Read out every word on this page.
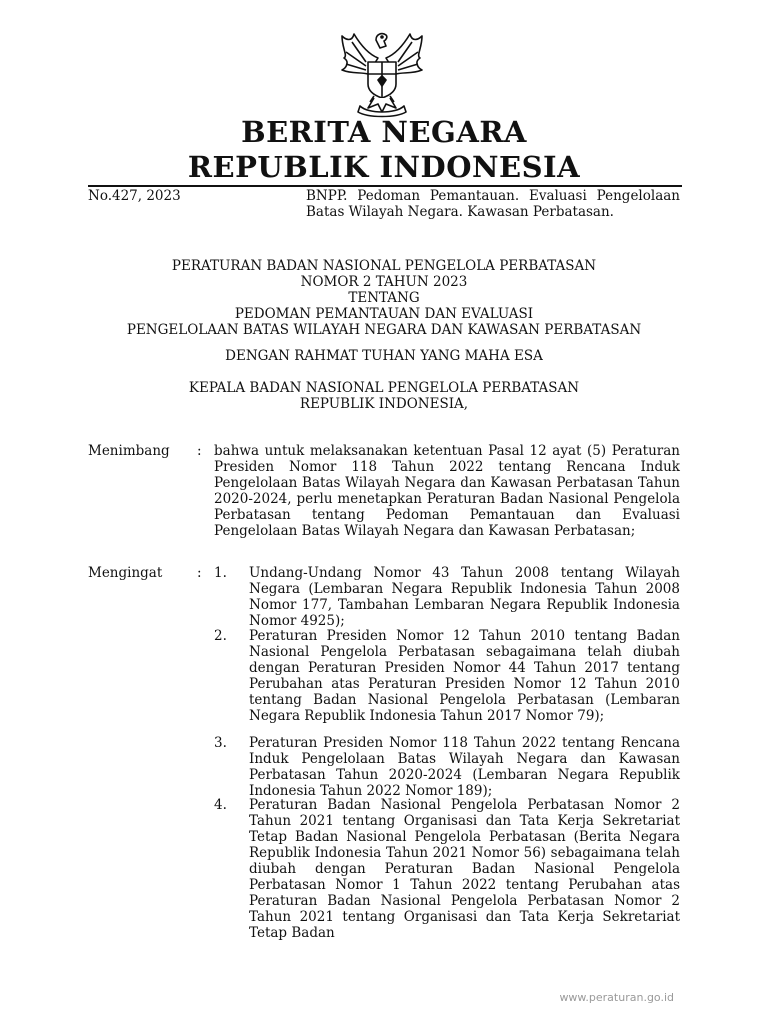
BERITA NEGARA
REPUBLIK INDONESIA
No.427, 2023	BNPP. Pedoman Pemantauan. Evaluasi Pengelolaan Batas Wilayah Negara. Kawasan Perbatasan.
PERATURAN BADAN NASIONAL PENGELOLA PERBATASAN
NOMOR 2 TAHUN 2023
TENTANG
PEDOMAN PEMANTAUAN DAN EVALUASI
PENGELOLAAN BATAS WILAYAH NEGARA DAN KAWASAN PERBATASAN
DENGAN RAHMAT TUHAN YANG MAHA ESA
KEPALA BADAN NASIONAL PENGELOLA PERBATASAN
REPUBLIK INDONESIA,
Menimbang : bahwa untuk melaksanakan ketentuan Pasal 12 ayat (5) Peraturan Presiden Nomor 118 Tahun 2022 tentang Rencana Induk Pengelolaan Batas Wilayah Negara dan Kawasan Perbatasan Tahun 2020-2024, perlu menetapkan Peraturan Badan Nasional Pengelola Perbatasan tentang Pedoman Pemantauan dan Evaluasi Pengelolaan Batas Wilayah Negara dan Kawasan Perbatasan;
Mengingat	: 1. Undang-Undang Nomor 43 Tahun 2008 tentang Wilayah Negara (Lembaran Negara Republik Indonesia Tahun 2008 Nomor 177, Tambahan Lembaran Negara Republik Indonesia Nomor 4925);
2. Peraturan Presiden Nomor 12 Tahun 2010 tentang Badan Nasional Pengelola Perbatasan sebagaimana telah diubah dengan Peraturan Presiden Nomor 44 Tahun 2017 tentang Perubahan atas Peraturan Presiden Nomor 12 Tahun 2010 tentang Badan Nasional Pengelola Perbatasan (Lembaran Negara Republik Indonesia Tahun 2017 Nomor 79);
3. Peraturan Presiden Nomor 118 Tahun 2022 tentang Rencana Induk Pengelolaan Batas Wilayah Negara dan Kawasan Perbatasan Tahun 2020-2024 (Lembaran Negara Republik Indonesia Tahun 2022 Nomor 189);
4. Peraturan Badan Nasional Pengelola Perbatasan Nomor 2 Tahun 2021 tentang Organisasi dan Tata Kerja Sekretariat Tetap Badan Nasional Pengelola Perbatasan (Berita Negara Republik Indonesia Tahun 2021 Nomor 56) sebagaimana telah diubah dengan Peraturan Badan Nasional Pengelola Perbatasan Nomor 1 Tahun 2022 tentang Perubahan atas Peraturan Badan Nasional Pengelola Perbatasan Nomor 2 Tahun 2021 tentang Organisasi dan Tata Kerja Sekretariat Tetap Badan
www.peraturan.go.id
